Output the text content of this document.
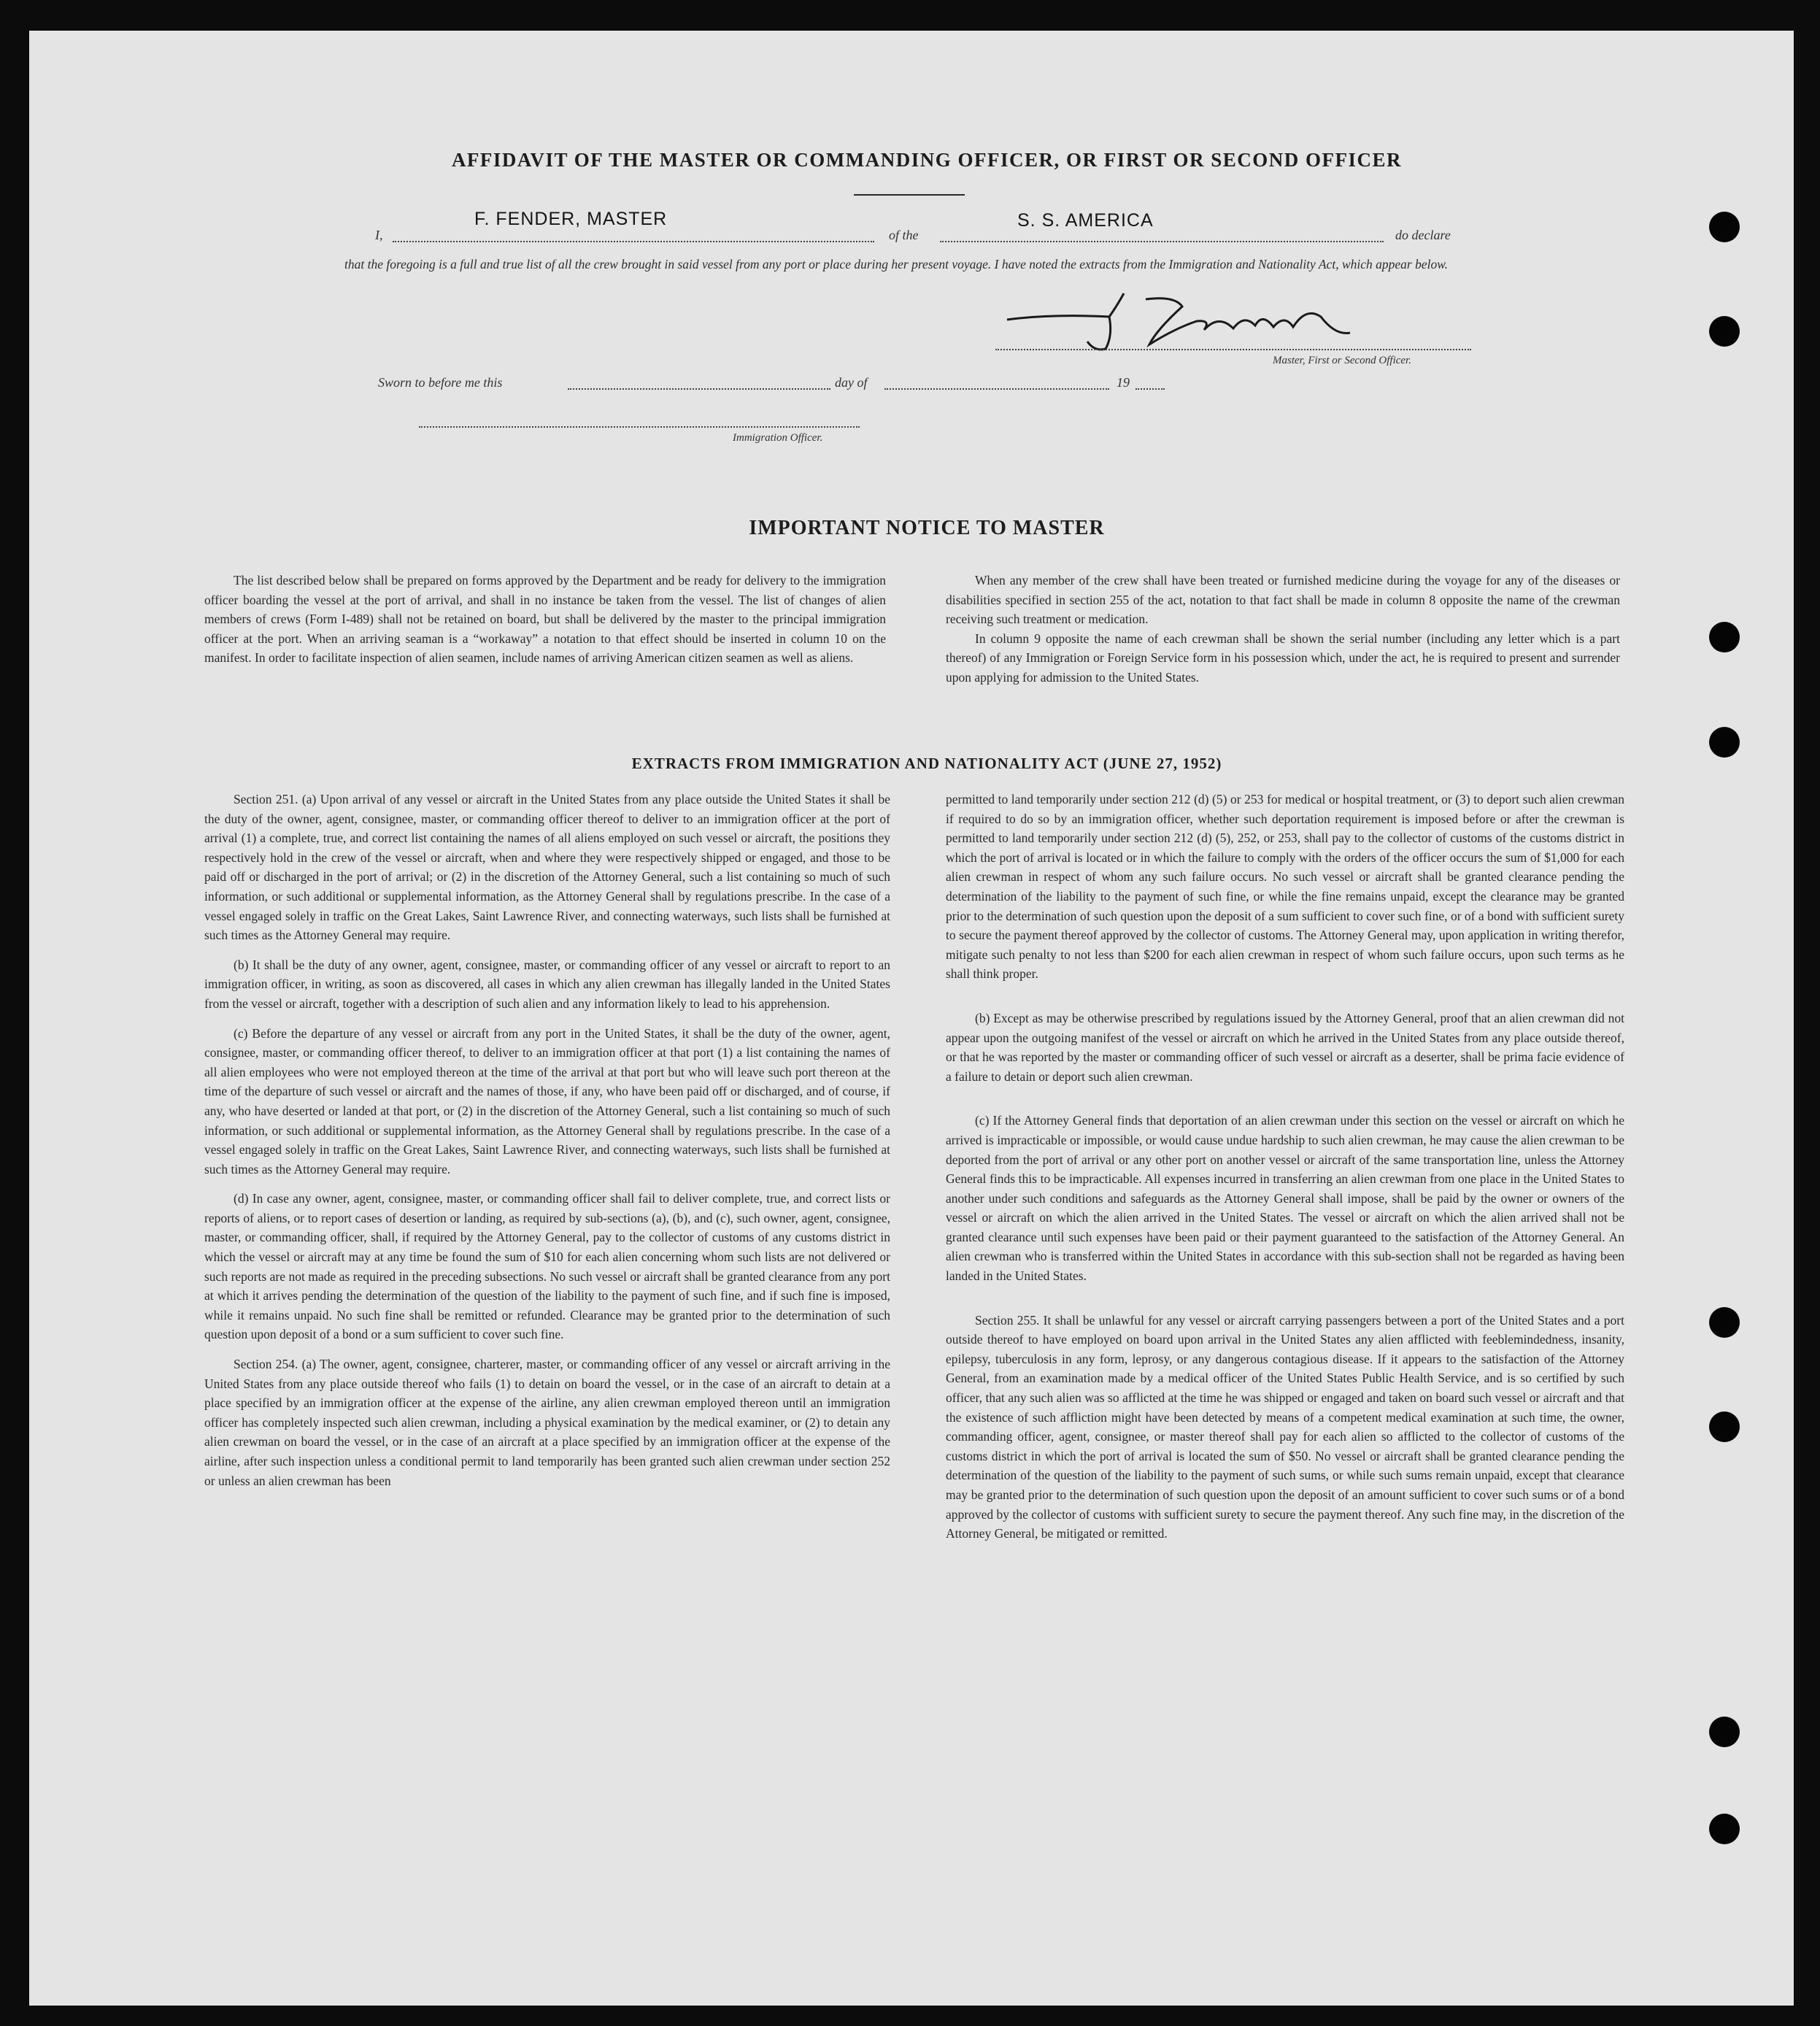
AFFIDAVIT OF THE MASTER OR COMMANDING OFFICER, OR FIRST OR SECOND OFFICER
F. FENDER, MASTER	S. S. AMERICA
I,	of the	do declare
that the foregoing is a full and true list of all the crew brought in said vessel from any port or place during her present voyage. I have noted the extracts from the Immigration and Nationality Act, which appear below.
Master, First or Second Officer.
Sworn to before me this	day of	19
Immigration Officer.
IMPORTANT NOTICE TO MASTER

The list described below shall be prepared on forms approved by the Department and be ready for delivery to the immigration officer boarding the vessel at the port of arrival, and shall in no instance be taken from the vessel. The list of changes of alien members of crews (Form I-489) shall not be retained on board, but shall be delivered by the master to the principal immigration officer at the port. When an arriving seaman is a “workaway” a notation to that effect should be inserted in column 10 on the manifest. In order to facilitate inspection of alien seamen, include names of arriving American citizen seamen as well as aliens.

When any member of the crew shall have been treated or furnished medicine during the voyage for any of the diseases or disabilities specified in section 255 of the act, notation to that fact shall be made in column 8 opposite the name of the crewman receiving such treatment or medication.

In column 9 opposite the name of each crewman shall be shown the serial number (including any letter which is a part thereof) of any Immigration or Foreign Service form in his possession which, under the act, he is required to present and surrender upon applying for admission to the United States.

EXTRACTS FROM IMMIGRATION AND NATIONALITY ACT (JUNE 27, 1952)

Section 251. (a) Upon arrival of any vessel or aircraft in the United States from any place outside the United States it shall be the duty of the owner, agent, consignee, master, or commanding officer thereof to deliver to an immigration officer at the port of arrival (1) a complete, true, and correct list containing the names of all aliens employed on such vessel or aircraft, the positions they respectively hold in the crew of the vessel or aircraft, when and where they were respectively shipped or engaged, and those to be paid off or discharged in the port of arrival; or (2) in the discretion of the Attorney General, such a list containing so much of such information, or such additional or supplemental information, as the Attorney General shall by regulations prescribe. In the case of a vessel engaged solely in traffic on the Great Lakes, Saint Lawrence River, and connecting waterways, such lists shall be furnished at such times as the Attorney General may require.

(b) It shall be the duty of any owner, agent, consignee, master, or commanding officer of any vessel or aircraft to report to an immigration officer, in writing, as soon as discovered, all cases in which any alien crewman has illegally landed in the United States from the vessel or aircraft, together with a description of such alien and any information likely to lead to his apprehension.

(c) Before the departure of any vessel or aircraft from any port in the United States, it shall be the duty of the owner, agent, consignee, master, or commanding officer thereof, to deliver to an immigration officer at that port (1) a list containing the names of all alien employees who were not employed thereon at the time of the arrival at that port but who will leave such port thereon at the time of the departure of such vessel or aircraft and the names of those, if any, who have been paid off or discharged, and of course, if any, who have deserted or landed at that port, or (2) in the discretion of the Attorney General, such a list containing so much of such information, or such additional or supplemental information, as the Attorney General shall by regulations prescribe. In the case of a vessel engaged solely in traffic on the Great Lakes, Saint Lawrence River, and connecting waterways, such lists shall be furnished at such times as the Attorney General may require.

(d) In case any owner, agent, consignee, master, or commanding officer shall fail to deliver complete, true, and correct lists or reports of aliens, or to report cases of desertion or landing, as required by sub-sections (a), (b), and (c), such owner, agent, consignee, master, or commanding officer, shall, if required by the Attorney General, pay to the collector of customs of any customs district in which the vessel or aircraft may at any time be found the sum of $10 for each alien concerning whom such lists are not delivered or such reports are not made as required in the preceding subsections. No such vessel or aircraft shall be granted clearance from any port at which it arrives pending the determination of the question of the liability to the payment of such fine, and if such fine is imposed, while it remains unpaid. No such fine shall be remitted or refunded. Clearance may be granted prior to the determination of such question upon deposit of a bond or a sum sufficient to cover such fine.

Section 254. (a) The owner, agent, consignee, charterer, master, or commanding officer of any vessel or aircraft arriving in the United States from any place outside thereof who fails (1) to detain on board the vessel, or in the case of an aircraft to detain at a place specified by an immigration officer at the expense of the airline, any alien crewman employed thereon until an immigration officer has completely inspected such alien crewman, including a physical examination by the medical examiner, or (2) to detain any alien crewman on board the vessel, or in the case of an aircraft at a place specified by an immigration officer at the expense of the airline, after such inspection unless a conditional permit to land temporarily has been granted such alien crewman under section 252 or unless an alien crewman has been

permitted to land temporarily under section 212 (d) (5) or 253 for medical or hospital treatment, or (3) to deport such alien crewman if required to do so by an immigration officer, whether such deportation requirement is imposed before or after the crewman is permitted to land temporarily under section 212 (d) (5), 252, or 253, shall pay to the collector of customs of the customs district in which the port of arrival is located or in which the failure to comply with the orders of the officer occurs the sum of $1,000 for each alien crewman in respect of whom any such failure occurs. No such vessel or aircraft shall be granted clearance pending the determination of the liability to the payment of such fine, or while the fine remains unpaid, except the clearance may be granted prior to the determination of such question upon the deposit of a sum sufficient to cover such fine, or of a bond with sufficient surety to secure the payment thereof approved by the collector of customs. The Attorney General may, upon application in writing therefor, mitigate such penalty to not less than $200 for each alien crewman in respect of whom such failure occurs, upon such terms as he shall think proper.

(b) Except as may be otherwise prescribed by regulations issued by the Attorney General, proof that an alien crewman did not appear upon the outgoing manifest of the vessel or aircraft on which he arrived in the United States from any place outside thereof, or that he was reported by the master or commanding officer of such vessel or aircraft as a deserter, shall be prima facie evidence of a failure to detain or deport such alien crewman.

(c) If the Attorney General finds that deportation of an alien crewman under this section on the vessel or aircraft on which he arrived is impracticable or impossible, or would cause undue hardship to such alien crewman, he may cause the alien crewman to be deported from the port of arrival or any other port on another vessel or aircraft of the same transportation line, unless the Attorney General finds this to be impracticable. All expenses incurred in transferring an alien crewman from one place in the United States to another under such conditions and safeguards as the Attorney General shall impose, shall be paid by the owner or owners of the vessel or aircraft on which the alien arrived in the United States. The vessel or aircraft on which the alien arrived shall not be granted clearance until such expenses have been paid or their payment guaranteed to the satisfaction of the Attorney General. An alien crewman who is transferred within the United States in accordance with this sub-section shall not be regarded as having been landed in the United States.

Section 255. It shall be unlawful for any vessel or aircraft carrying passengers between a port of the United States and a port outside thereof to have employed on board upon arrival in the United States any alien afflicted with feeblemindedness, insanity, epilepsy, tuberculosis in any form, leprosy, or any dangerous contagious disease. If it appears to the satisfaction of the Attorney General, from an examination made by a medical officer of the United States Public Health Service, and is so certified by such officer, that any such alien was so afflicted at the time he was shipped or engaged and taken on board such vessel or aircraft and that the existence of such affliction might have been detected by means of a competent medical examination at such time, the owner, commanding officer, agent, consignee, or master thereof shall pay for each alien so afflicted to the collector of customs of the customs district in which the port of arrival is located the sum of $50. No vessel or aircraft shall be granted clearance pending the determination of the question of the liability to the payment of such sums, or while such sums remain unpaid, except that clearance may be granted prior to the determination of such question upon the deposit of an amount sufficient to cover such sums or of a bond approved by the collector of customs with sufficient surety to secure the payment thereof. Any such fine may, in the discretion of the Attorney General, be mitigated or remitted.
